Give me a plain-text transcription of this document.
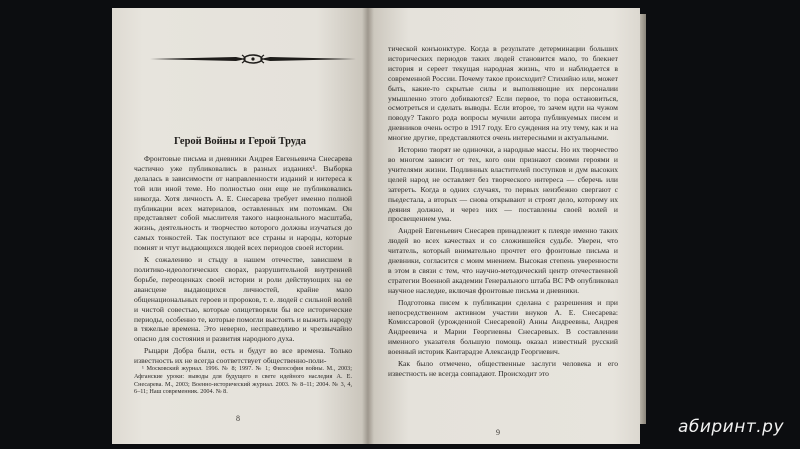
Герой Войны и Герой Труда

Фронтовые письма и дневники Андрея Евгеньевича Снесарева частично уже публиковались в разных изданиях¹. Выборка делалась в зависимости от направленности изданий и интереса к той или иной теме. Но полностью они еще не публиковались никогда. Хотя личность А. Е. Снесарева требует именно полной публикации всех материалов, оставленных им потомкам. Он представляет собой мыслителя такого национального масштаба, жизнь, деятельность и творчество которого должны изучаться до самых тонкостей. Так поступают все страны и народы, которые помнят и чтут выдающихся людей всех периодов своей истории.

К сожалению и стыду в нашем отечестве, зависшем в политико-идеологических сворах, разрушительной внутренней борьбе, переоценках своей истории и роли действующих на ее авансцене выдающихся личностей, крайне мало общенациональных героев и пророков, т. е. людей с сильной волей и чистой совестью, которые олицетворяли бы все исторические периоды, особенно те, которые помогли выстоять и выжить народу в тяжелые времена. Это неверно, несправедливо и чрезвычайно опасно для состояния и развития народного духа.

Рыцари Добра были, есть и будут во все времена. Только известность их не всегда соответствует общественно-поли-

¹ Московский журнал. 1996. № 8; 1997. № 1; Философия войны. М., 2003; Афганские уроки: выводы для будущего в свете идейного наследия А. Е. Снесарева. М., 2003; Военно-исторический журнал. 2003. № 8–11; 2004. № 3, 4, 6–11; Наш современник. 2004. № 8.

8

тической конъюнктуре. Когда в результате детерминации больших исторических периодов таких людей становится мало, то блекнет история и сереет текущая народная жизнь, что и наблюдается в современной России. Почему такое происходит? Стихийно или, может быть, какие-то скрытые силы и выполняющие их персоналии умышленно этого добиваются? Если первое, то пора остановиться, осмотреться и сделать выводы. Если второе, то зачем идти на чужом поводу? Такого рода вопросы мучили автора публикуемых писем и дневников очень остро в 1917 году. Его суждения на эту тему, как и на многие другие, представляются очень интересными и актуальными.

Историю творят не одиночки, а народные массы. Но их творчество во многом зависит от тех, кого они признают своими героями и учителями жизни. Подлинных властителей поступков и дум высоких целей народ не оставляет без творческого интереса — сберечь или затереть. Когда в одних случаях, то первых неизбежно свергают с пьедестала, а вторых — снова открывают и строят дело, которому их деяния должно, и через них — поставлены своей волей и просвещением ума.

Андрей Евгеньевич Снесарев принадлежит к плеяде именно таких людей во всех качествах и со сложившейся судьбе. Уверен, что читатель, который внимательно прочтет его фронтовые письма и дневники, согласится с моим мнением. Высокая степень уверенности в этом в связи с тем, что научно-методический центр отечественной стратегии Военной академии Генерального штаба ВС РФ опубликовал научное наследие, включая фронтовые письма и дневники.

Подготовка писем к публикации сделана с разрешения и при непосредственном активном участии внуков А. Е. Снесарева: Комиссаровой (урожденной Снесаревой) Анны Андреевны, Андрея Андреевича и Марии Георгиевны Снесаревых. В составлении именного указателя большую помощь оказал известный русский военный историк Кантарадзе Александр Георгиевич.

Как было отмечено, общественные заслуги человека и его известность не всегда совпадают. Происходит это

9	абиринт.ру
